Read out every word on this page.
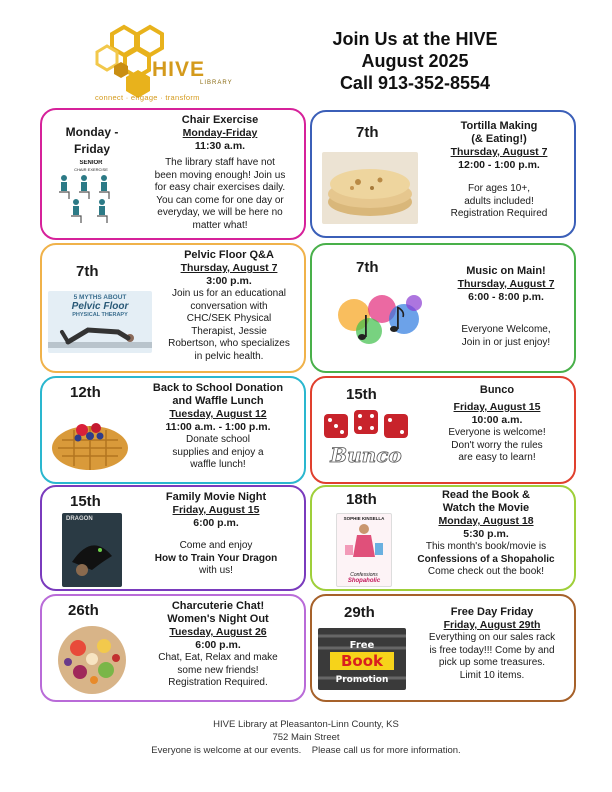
HIVE
LIBRARY
connect · engage · transform
Join Us at the HIVE
August 2025
Call 913-352-8554
Monday -
Friday
SENIOR
CHAIR EXERCISE
Chair Exercise
Monday-Friday
11:30 a.m.
The library staff have not
been moving enough! Join us
for easy chair exercises daily.
You can come for one day or
everyday, we will be here no
matter what!
7th	Tortilla Making
(& Eating!)
Thursday, August 7
12:00 - 1:00 p.m.
For ages 10+,
adults included!
Registration Required
7th
5 MYTHS ABOUT
Pelvic Floor
PHYSICAL THERAPY
Pelvic Floor Q&A
Thursday, August 7
3:00 p.m.
Join us for an educational
conversation with
CHC/SEK Physical
Therapist, Jessie
Robertson, who specializes
in pelvic health.
7th	Music on Main!
Thursday, August 7
6:00 - 8:00 p.m.
Everyone Welcome,
Join in or just enjoy!
12th	Back to School Donation
and Waffle Lunch
Tuesday, August 12
11:00 a.m. - 1:00 p.m.
Donate school
supplies and enjoy a
waffle lunch!
15th
Bunco
Bunco
Friday, August 15
10:00 a.m.
Everyone is welcome!
Don't worry the rules
are easy to learn!
15th
DRAGON
Family Movie Night
Friday, August 15
6:00 p.m.
Come and enjoy
How to Train Your Dragon
with us!
18th
SOPHIE KINSELLA
Confessions
Shopaholic
Read the Book &
Watch the Movie
Monday, August 18
5:30 p.m.
This month's book/movie is
Confessions of a Shopaholic
Come check out the book!
26th	Charcuterie Chat!
Women's Night Out
Tuesday, August 26
6:00 p.m.
Chat, Eat, Relax and make
some new friends!
Registration Required.
29th
Free
Book
Promotion
Free Day Friday
Friday, August 29th
Everything on our sales rack
is free today!!! Come by and
pick up some treasures.
Limit 10 items.
HIVE Library at Pleasanton-Linn County, KS
752 Main Street
Everyone is welcome at our events.    Please call us for more information.
